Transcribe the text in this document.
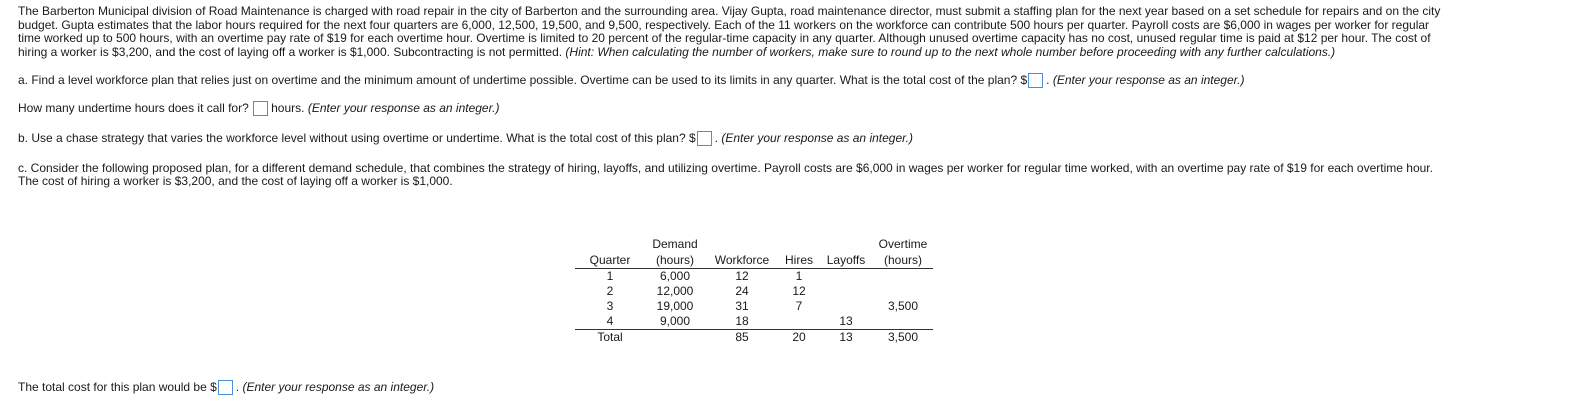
The Barberton Municipal division of Road Maintenance is charged with road repair in the city of Barberton and the surrounding area. Vijay Gupta, road maintenance director, must submit a staffing plan for the next year based on a set schedule for repairs and on the city
budget. Gupta estimates that the labor hours required for the next four quarters are 6,000, 12,500, 19,500, and 9,500, respectively. Each of the 11 workers on the workforce can contribute 500 hours per quarter. Payroll costs are $6,000 in wages per worker for regular
time worked up to 500 hours, with an overtime pay rate of $19 for each overtime hour. Overtime is limited to 20 percent of the regular-time capacity in any quarter. Although unused overtime capacity has no cost, unused regular time is paid at $12 per hour. The cost of
hiring a worker is $3,200, and the cost of laying off a worker is $1,000. Subcontracting is not permitted. (Hint: When calculating the number of workers, make sure to round up to the next whole number before proceeding with any further calculations.)

a. Find a level workforce plan that relies just on overtime and the minimum amount of undertime possible. Overtime can be used to its limits in any quarter. What is the total cost of the plan? $ . (Enter your response as an integer.)
How many undertime hours does it call for? hours. (Enter your response as an integer.)
b. Use a chase strategy that varies the workforce level without using overtime or undertime. What is the total cost of this plan? $ . (Enter your response as an integer.)
c. Consider the following proposed plan, for a different demand schedule, that combines the strategy of hiring, layoffs, and utilizing overtime. Payroll costs are $6,000 in wages per worker for regular time worked, with an overtime pay rate of $19 for each overtime hour.
The cost of hiring a worker is $3,200, and the cost of laying off a worker is $1,000.
	Demand				Overtime
Quarter	(hours)	Workforce	Hires	Layoffs	(hours)
1	6,000	12	1		
2	12,000	24	12		
3	19,000	31	7		3,500
4	9,000	18		13	
Total		85	20	13	3,500
The total cost for this plan would be $ . (Enter your response as an integer.)
